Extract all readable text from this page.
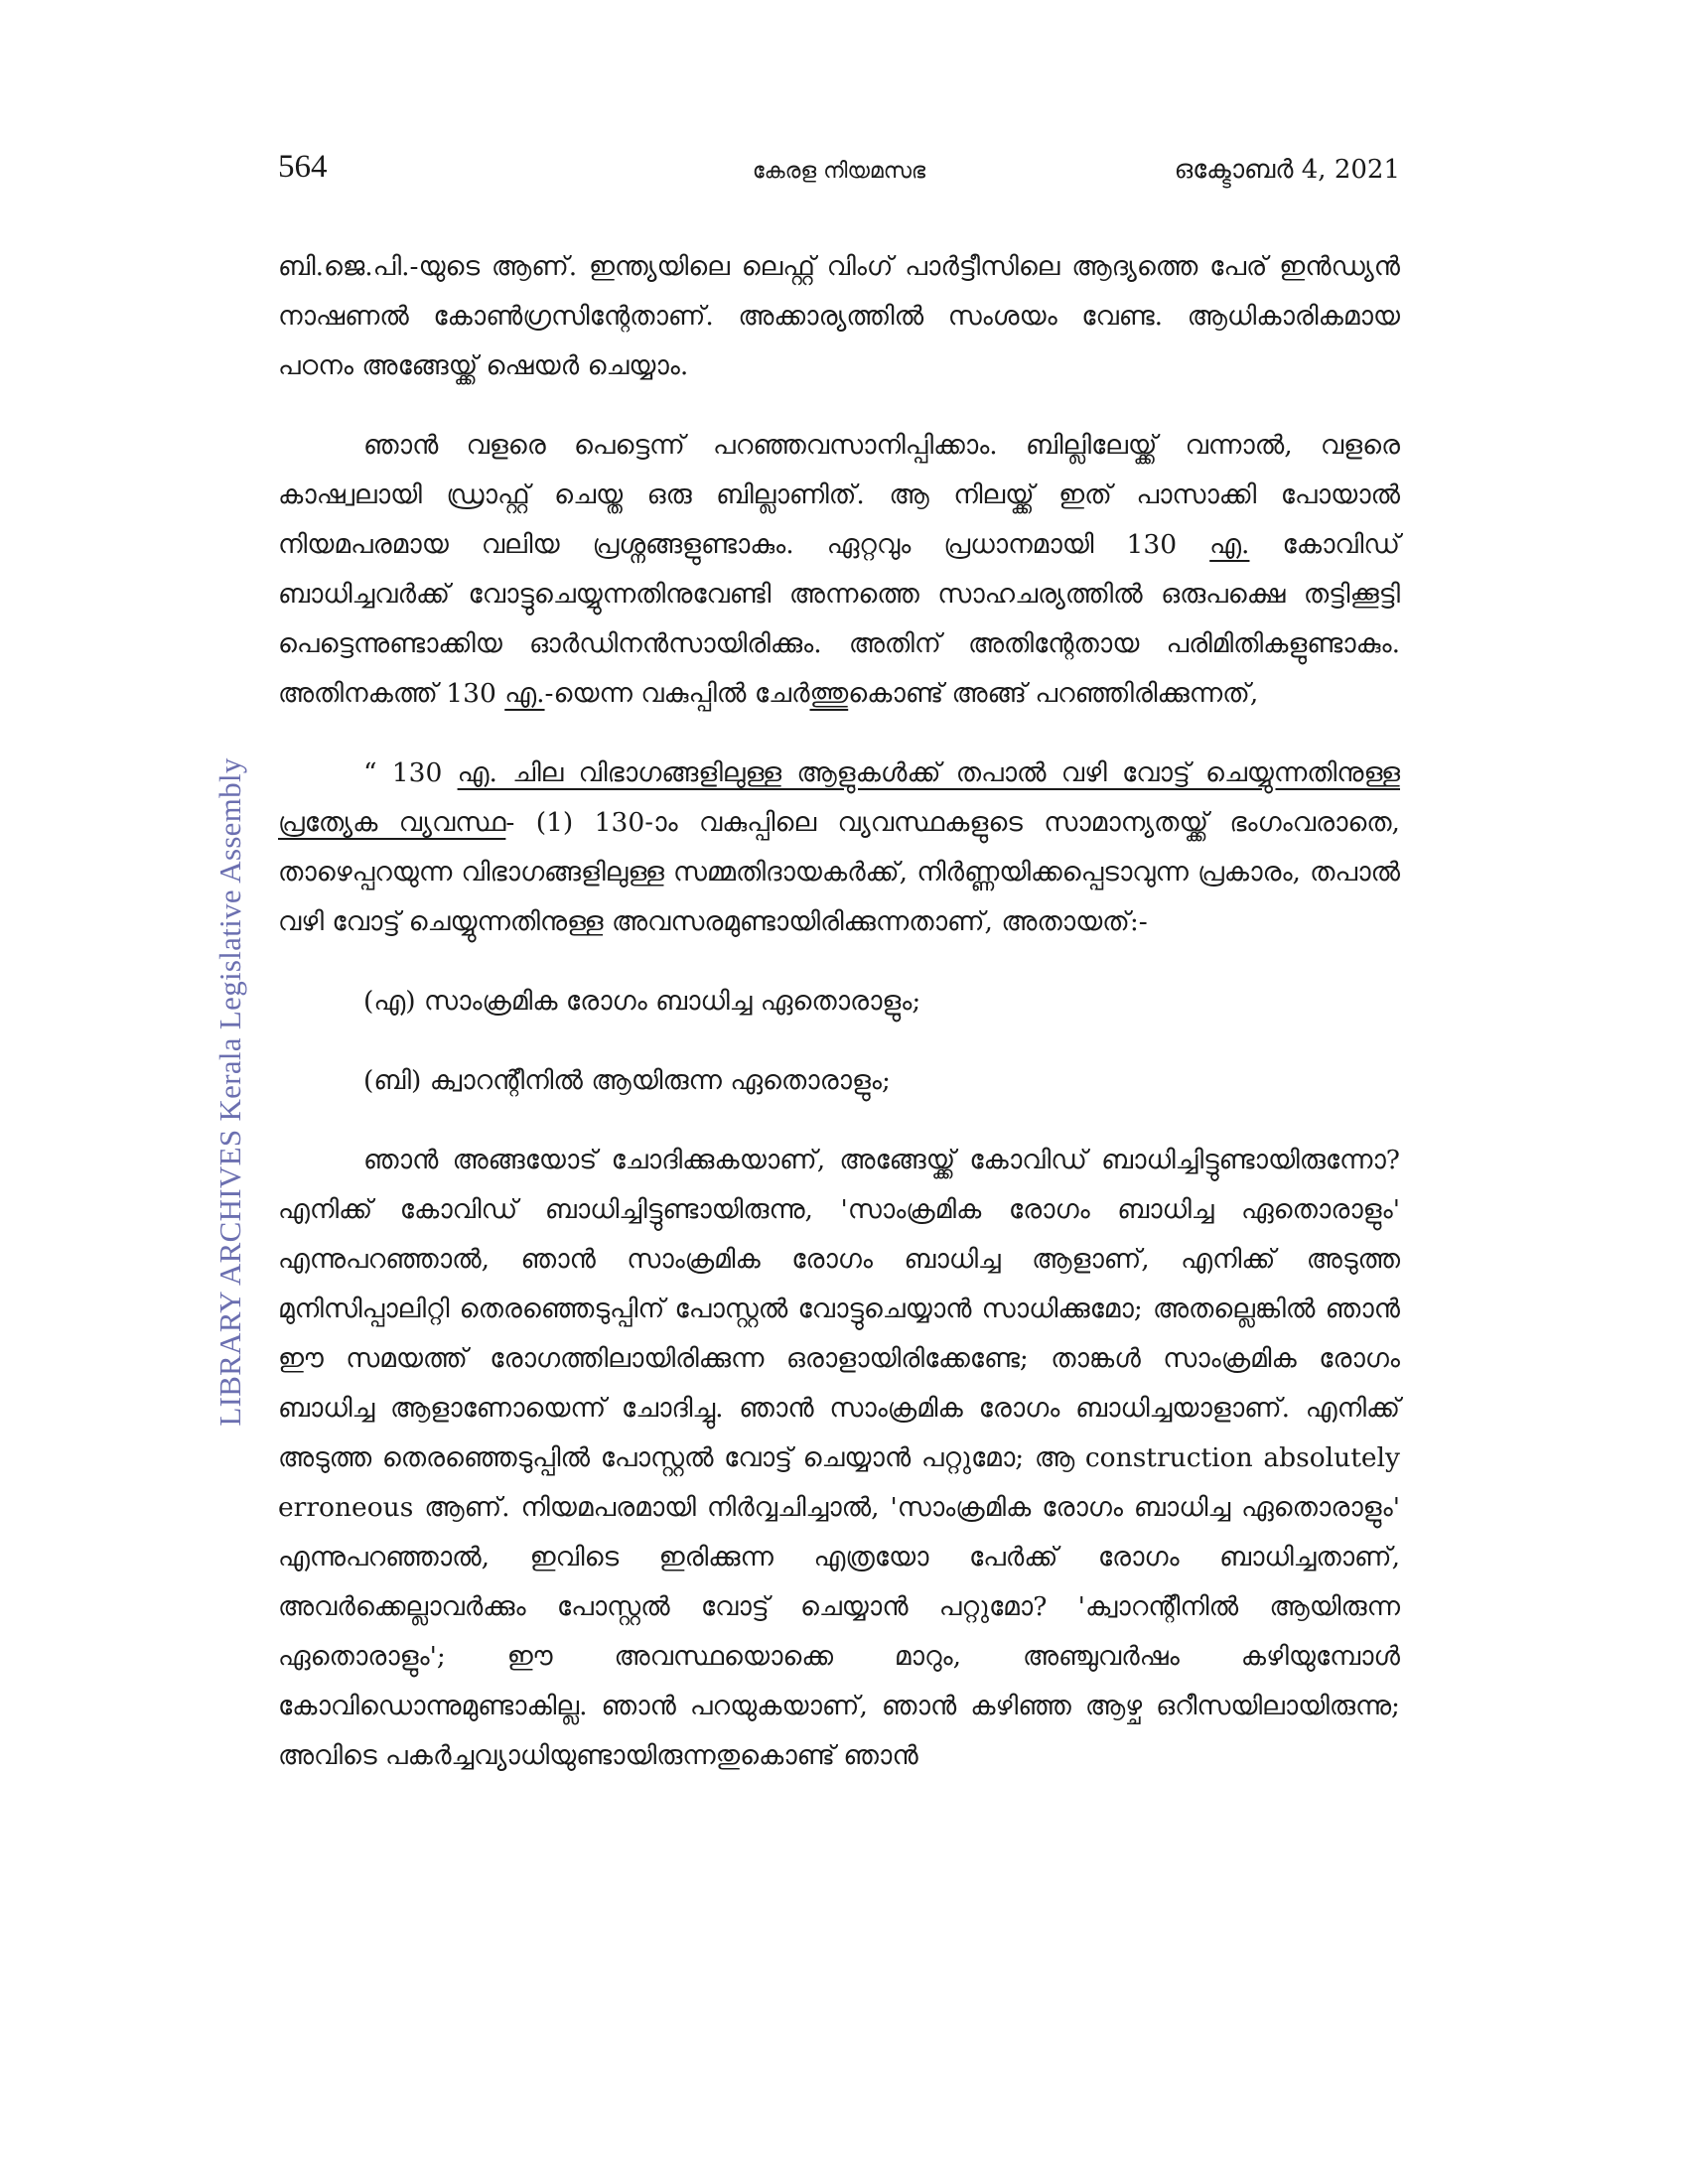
564	കേരള നിയമസഭ	ഒക്ടോബർ 4, 2021
LIBRARY ARCHIVES Kerala Legislative Assembly

ബി.ജെ.പി.-യുടെ ആണ്. ഇന്ത്യയിലെ ലെഫ്റ്റ് വിംഗ് പാർട്ടീസിലെ ആദ്യത്തെ പേര് ഇൻഡ്യൻ നാഷണൽ കോൺഗ്രസിന്റേതാണ്. അക്കാര്യത്തിൽ സംശയം വേണ്ട. ആധികാരികമായ പഠനം അങ്ങേയ്ക്ക് ഷെയർ ചെയ്യാം.

ഞാൻ വളരെ പെട്ടെന്ന് പറഞ്ഞവസാനിപ്പിക്കാം. ബില്ലിലേയ്ക്ക് വന്നാൽ, വളരെ കാഷ്വലായി ഡ്രാഫ്റ്റ് ചെയ്ത ഒരു ബില്ലാണിത്. ആ നിലയ്ക്ക് ഇത് പാസാക്കി പോയാൽ നിയമപരമായ വലിയ പ്രശ്നങ്ങളുണ്ടാകും. ഏറ്റവും പ്രധാനമായി 130 എ. കോവിഡ് ബാധിച്ചവർക്ക് വോട്ടുചെയ്യുന്നതിനുവേണ്ടി അന്നത്തെ സാഹചര്യത്തിൽ ഒരുപക്ഷെ തട്ടിക്കൂട്ടി പെട്ടെന്നുണ്ടാക്കിയ ഓർഡിനൻസായിരിക്കും. അതിന് അതിന്റേതായ പരിമിതികളുണ്ടാകും. അതിനകത്ത് 130 എ.-യെന്ന വകുപ്പിൽ ചേർത്തുകൊണ്ട് അങ്ങ് പറഞ്ഞിരിക്കുന്നത്,

“ 130 എ. ചില വിഭാഗങ്ങളിലുള്ള ആളുകൾക്ക് തപാൽ വഴി വോട്ട് ചെയ്യുന്നതിനുള്ള പ്രത്യേക വ്യവസ്ഥ- (1) 130-ാം വകുപ്പിലെ വ്യവസ്ഥകളുടെ സാമാന്യതയ്ക്ക് ഭംഗംവരാതെ, താഴെപ്പറയുന്ന വിഭാഗങ്ങളിലുള്ള സമ്മതിദായകർക്ക്, നിർണ്ണയിക്കപ്പെടാവുന്ന പ്രകാരം, തപാൽ വഴി വോട്ട് ചെയ്യുന്നതിനുള്ള അവസരമുണ്ടായിരിക്കുന്നതാണ്, അതായത്:-

(എ) സാംക്രമിക രോഗം ബാധിച്ച ഏതൊരാളും;

(ബി) ക്വാറന്റീനിൽ ആയിരുന്ന ഏതൊരാളും;

ഞാൻ അങ്ങയോട് ചോദിക്കുകയാണ്, അങ്ങേയ്ക്ക് കോവിഡ് ബാധിച്ചിട്ടുണ്ടായിരുന്നോ? എനിക്ക് കോവിഡ് ബാധിച്ചിട്ടുണ്ടായിരുന്നു, 'സാംക്രമിക രോഗം ബാധിച്ച ഏതൊരാളും' എന്നുപറഞ്ഞാൽ, ഞാൻ സാംക്രമിക രോഗം ബാധിച്ച ആളാണ്, എനിക്ക് അടുത്ത മുനിസിപ്പാലിറ്റി തെരഞ്ഞെടുപ്പിന് പോസ്റ്റൽ വോട്ടുചെയ്യാൻ സാധിക്കുമോ; അതല്ലെങ്കിൽ ഞാൻ ഈ സമയത്ത് രോഗത്തിലായിരിക്കുന്ന ഒരാളായിരിക്കേണ്ടേ; താങ്കൾ സാംക്രമിക രോഗം ബാധിച്ച ആളാണോയെന്ന് ചോദിച്ചു. ഞാൻ സാംക്രമിക രോഗം ബാധിച്ചയാളാണ്. എനിക്ക് അടുത്ത തെരഞ്ഞെടുപ്പിൽ പോസ്റ്റൽ വോട്ട് ചെയ്യാൻ പറ്റുമോ; ആ construction absolutely erroneous ആണ്. നിയമപരമായി നിർവ്വചിച്ചാൽ, 'സാംക്രമിക രോഗം ബാധിച്ച ഏതൊരാളും' എന്നുപറഞ്ഞാൽ, ഇവിടെ ഇരിക്കുന്ന എത്രയോ പേർക്ക് രോഗം ബാധിച്ചതാണ്, അവർക്കെല്ലാവർക്കും പോസ്റ്റൽ വോട്ട് ചെയ്യാൻ പറ്റുമോ? 'ക്വാറന്റീനിൽ ആയിരുന്ന ഏതൊരാളും'; ഈ അവസ്ഥയൊക്കെ മാറും, അഞ്ചുവർഷം കഴിയുമ്പോൾ കോവിഡൊന്നുമുണ്ടാകില്ല. ഞാൻ പറയുകയാണ്, ഞാൻ കഴിഞ്ഞ ആഴ്ച ഒറീസയിലായിരുന്നു; അവിടെ പകർച്ചവ്യാധിയുണ്ടായിരുന്നതുകൊണ്ട് ഞാൻ
